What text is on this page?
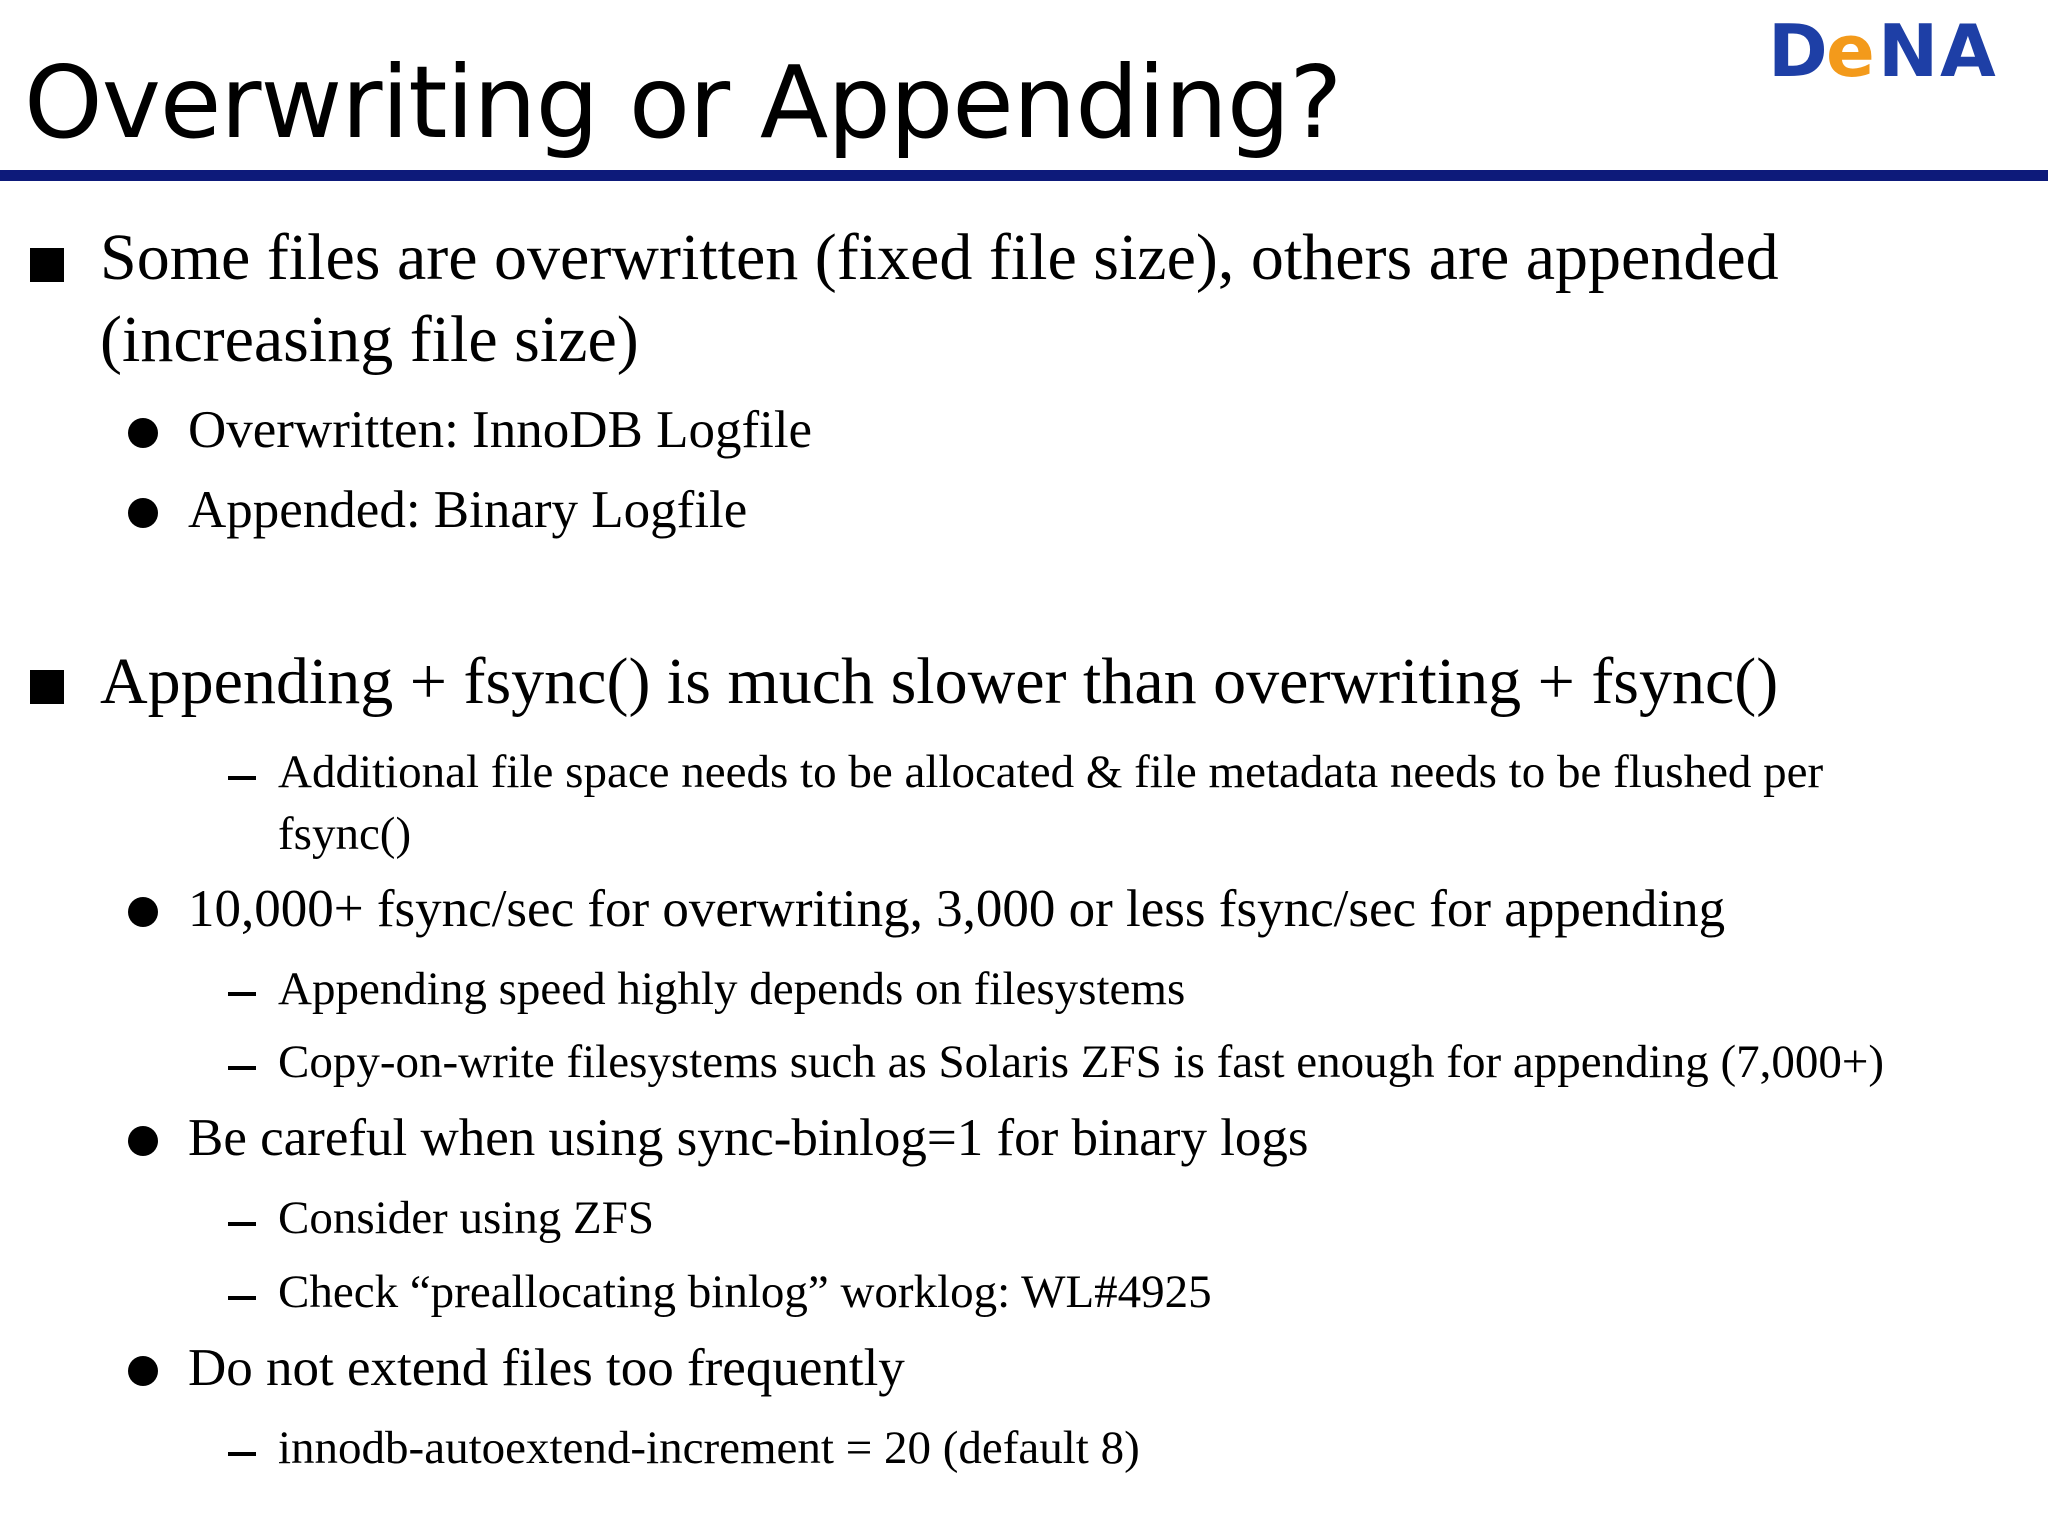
Overwriting or Appending?	D
e N A
Some files are overwritten (fixed file size), others are appended
(increasing file size)
Overwritten: InnoDB Logfile
Appended: Binary Logfile
Appending + fsync() is much slower than overwriting + fsync()
Additional file space needs to be allocated & file metadata needs to be flushed per
fsync()
10,000+ fsync/sec for overwriting, 3,000 or less fsync/sec for appending
Appending speed highly depends on filesystems
Copy-on-write filesystems such as Solaris ZFS is fast enough for appending (7,000+)
Be careful when using sync-binlog=1 for binary logs
Consider using ZFS
Check “preallocating binlog” worklog: WL#4925
Do not extend files too frequently
innodb-autoextend-increment = 20 (default 8)
